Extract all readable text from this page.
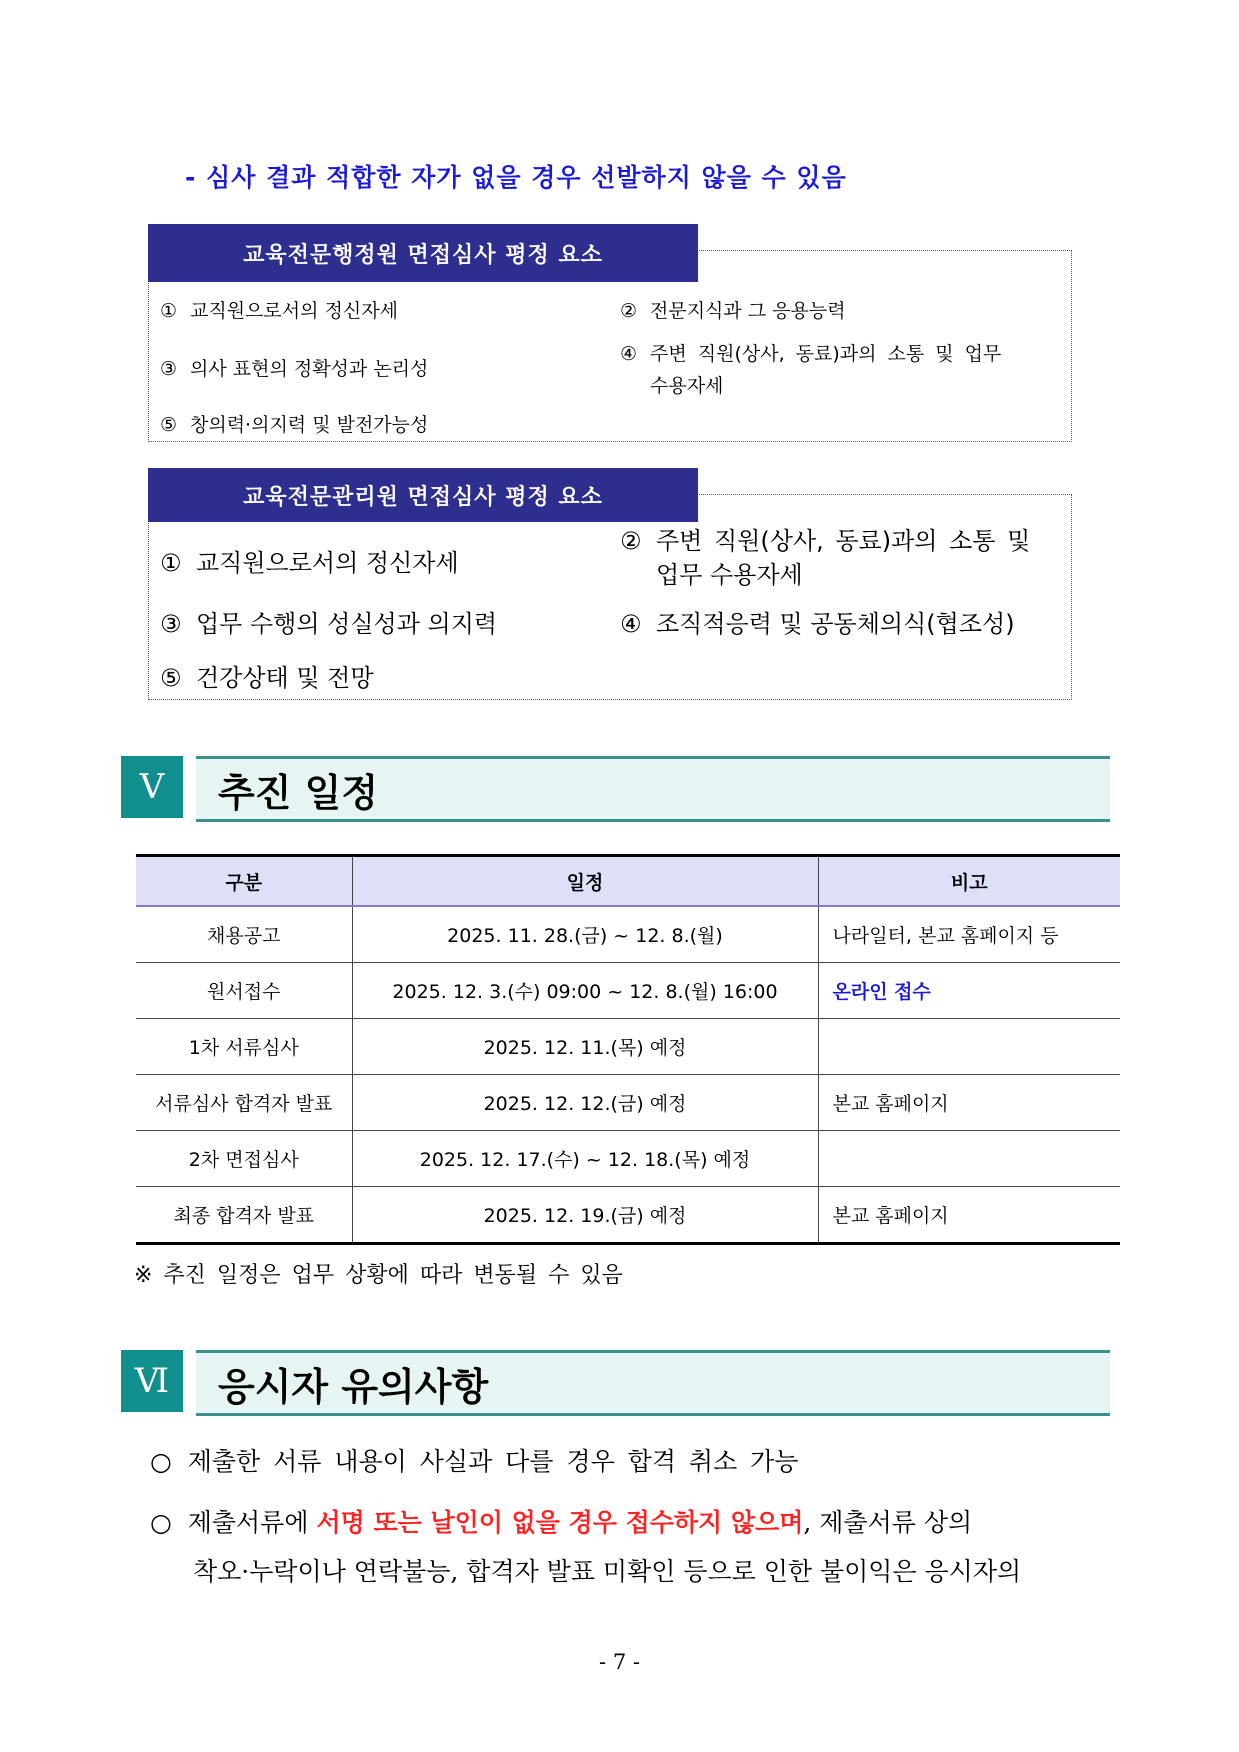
- 심사 결과 적합한 자가 없을 경우 선발하지 않을 수 있음
교육전문행정원 면접심사 평정 요소
① 교직원으로서의 정신자세	② 전문지식과 그 응용능력
③ 의사 표현의 정확성과 논리성
④ 주변 직원(상사, 동료)과의 소통 및 업무
수용자세
⑤ 창의력·의지력 및 발전가능성
교육전문관리원 면접심사 평정 요소
① 교직원으로서의 정신자세
② 주변 직원(상사, 동료)과의 소통 및
업무 수용자세
③ 업무 수행의 성실성과 의지력	④ 조직적응력 및 공동체의식(협조성)
⑤ 건강상태 및 전망
Ⅴ	추진 일정
구분	일정	비고
채용공고	2025. 11. 28.(금) ~ 12. 8.(월)	나라일터, 본교 홈페이지 등
원서접수	2025. 12. 3.(수) 09:00 ~ 12. 8.(월) 16:00	온라인 접수
1차 서류심사	2025. 12. 11.(목) 예정	
서류심사 합격자 발표	2025. 12. 12.(금) 예정	본교 홈페이지
2차 면접심사	2025. 12. 17.(수) ~ 12. 18.(목) 예정	
최종 합격자 발표	2025. 12. 19.(금) 예정	본교 홈페이지
※ 추진 일정은 업무 상황에 따라 변동될 수 있음
Ⅵ	응시자 유의사항
○ 제출한 서류 내용이 사실과 다를 경우 합격 취소 가능
○ 제출서류에 서명 또는 날인이 없을 경우 접수하지 않으며, 제출서류 상의
착오·누락이나 연락불능, 합격자 발표 미확인 등으로 인한 불이익은 응시자의
- 7 -
